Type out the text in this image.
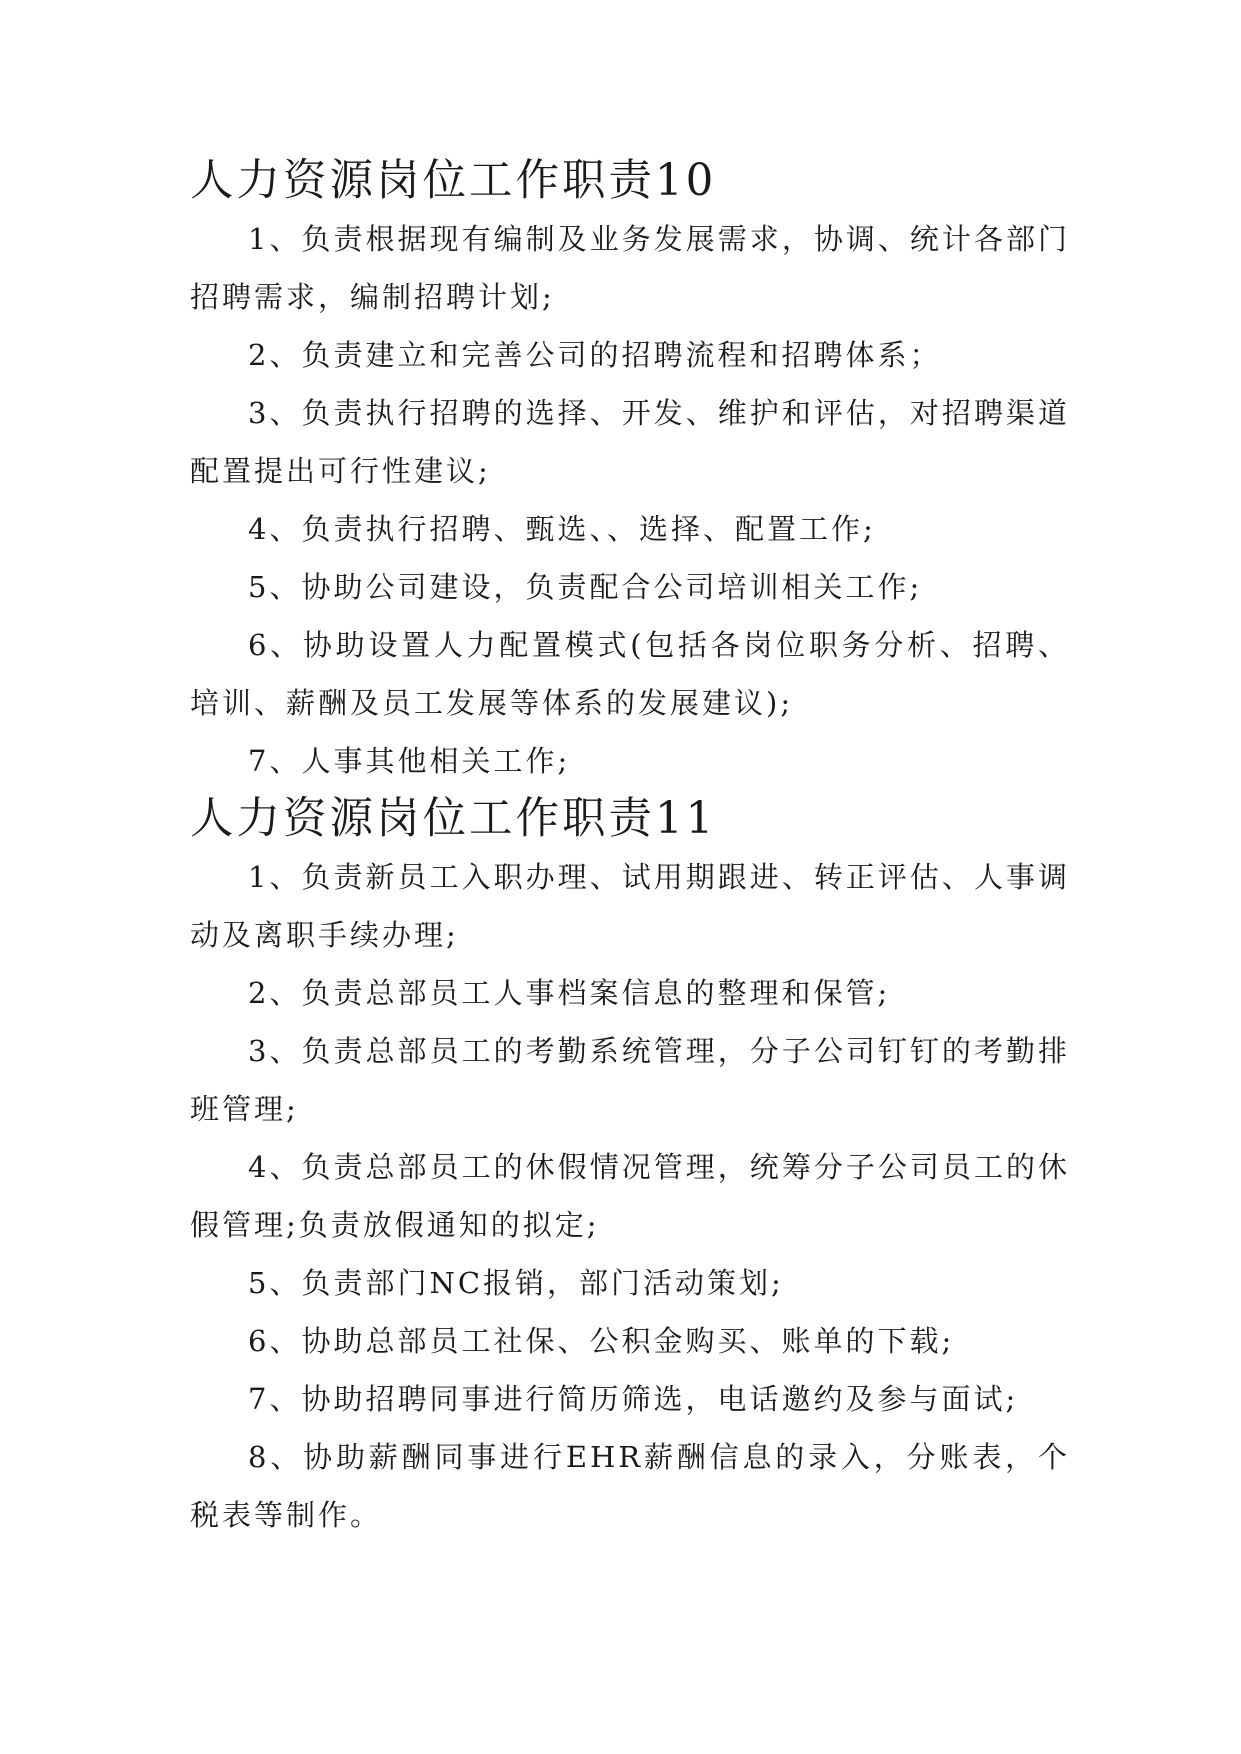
人力资源岗位工作职责10

1、负责根据现有编制及业务发展需求，协调、统计各部门招聘需求，编制招聘计划;

2、负责建立和完善公司的招聘流程和招聘体系；

3、负责执行招聘的选择、开发、维护和评估，对招聘渠道配置提出可行性建议;

4、负责执行招聘、甄选、、选择、配置工作;

5、协助公司建设，负责配合公司培训相关工作;

6、协助设置人力配置模式(包括各岗位职务分析、招聘、培训、薪酬及员工发展等体系的发展建议);

7、人事其他相关工作;

人力资源岗位工作职责11

1、负责新员工入职办理、试用期跟进、转正评估、人事调动及离职手续办理;

2、负责总部员工人事档案信息的整理和保管;

3、负责总部员工的考勤系统管理，分子公司钉钉的考勤排班管理;

4、负责总部员工的休假情况管理，统筹分子公司员工的休假管理;负责放假通知的拟定;

5、负责部门NC报销，部门活动策划;

6、协助总部员工社保、公积金购买、账单的下载;

7、协助招聘同事进行简历筛选，电话邀约及参与面试;

8、协助薪酬同事进行EHR薪酬信息的录入，分账表，个税表等制作。
